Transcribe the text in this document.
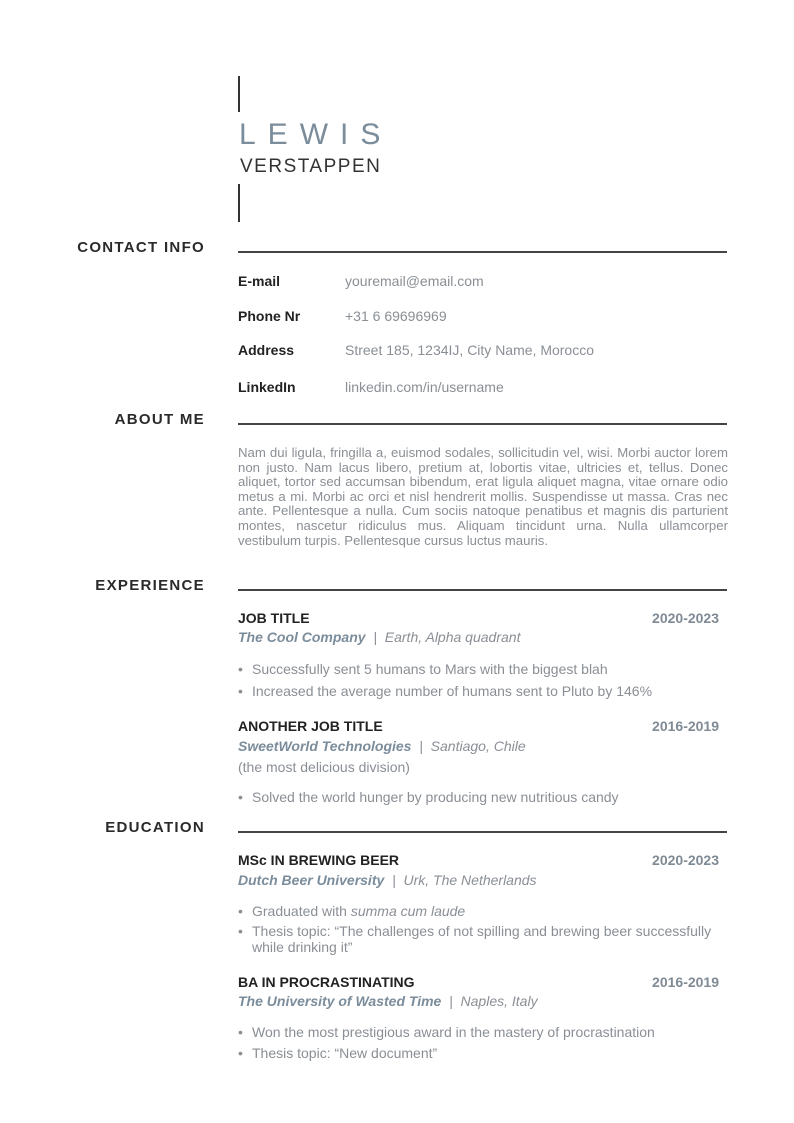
LEWIS
VERSTAPPEN
CONTACT INFO
E-mail	youremail@email.com
Phone Nr	+31 6 69696969
Address	Street 185, 1234IJ, City Name, Morocco
LinkedIn	linkedin.com/in/username
ABOUT ME
Nam dui ligula, fringilla a, euismod sodales, sollicitudin vel, wisi. Morbi auctor lorem non justo. Nam lacus libero, pretium at, lobortis vitae, ultricies et, tellus. Donec aliquet, tortor sed accumsan bibendum, erat ligula aliquet magna, vitae ornare odio metus a mi. Morbi ac orci et nisl hendrerit mollis. Suspendisse ut massa. Cras nec ante. Pellentesque a nulla. Cum sociis natoque penatibus et magnis dis parturient montes, nascetur ridiculus mus. Aliquam tincidunt urna. Nulla ullamcorper vestibulum turpis. Pellentesque cursus luctus mauris.
EXPERIENCE
JOB TITLE	2020-2023
The Cool Company | Earth, Alpha quadrant
• Successfully sent 5 humans to Mars with the biggest blah
• Increased the average number of humans sent to Pluto by 146%
ANOTHER JOB TITLE	2016-2019
SweetWorld Technologies | Santiago, Chile
(the most delicious division)
• Solved the world hunger by producing new nutritious candy
EDUCATION
MSc IN BREWING BEER	2020-2023
Dutch Beer University | Urk, The Netherlands
• Graduated with summa cum laude
• Thesis topic: “The challenges of not spilling and brewing beer successfully while drinking it”
BA IN PROCRASTINATING	2016-2019
The University of Wasted Time | Naples, Italy
• Won the most prestigious award in the mastery of procrastination
• Thesis topic: “New document”
